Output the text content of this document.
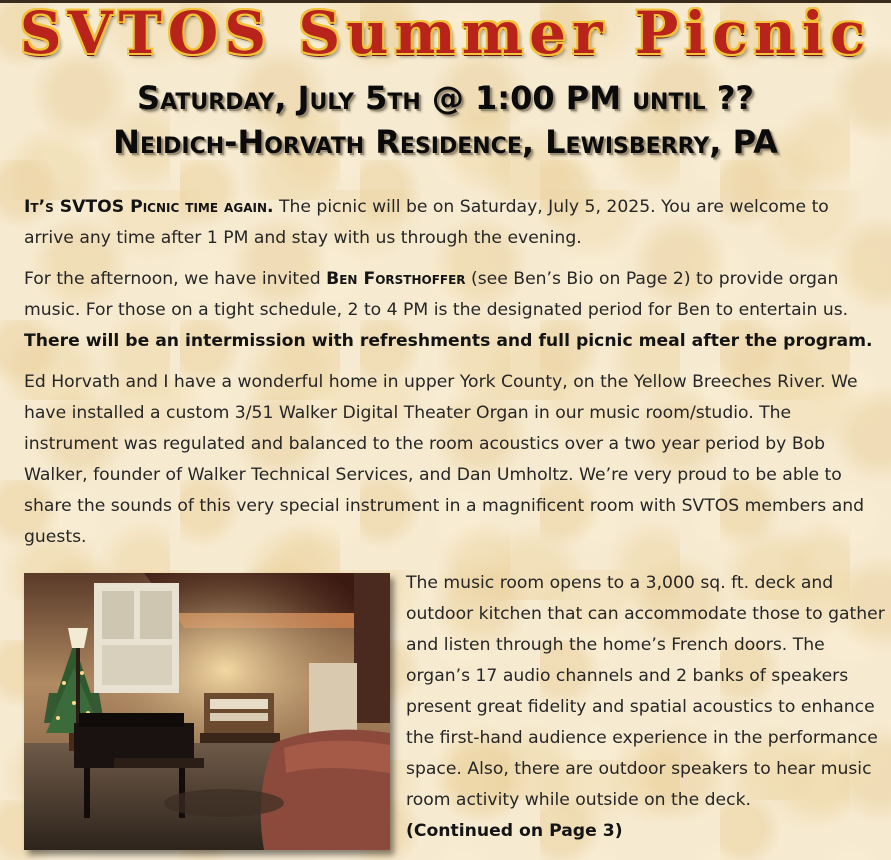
SVTOS Summer Picnic
Saturday, July 5th @ 1:00 PM until ??
Neidich-Horvath Residence, Lewisberry, PA

It’s SVTOS Picnic time again. The picnic will be on Saturday, July 5, 2025. You are welcome to arrive any time after 1 PM and stay with us through the evening.

For the afternoon, we have invited Ben Forsthoffer (see Ben’s Bio on Page 2) to provide organ music. For those on a tight schedule, 2 to 4 PM is the designated period for Ben to entertain us. There will be an intermission with refreshments and full picnic meal after the program.

Ed Horvath and I have a wonderful home in upper York County, on the Yellow Breeches River. We have installed a custom 3/51 Walker Digital Theater Organ in our music room/studio. The instrument was regulated and balanced to the room acoustics over a two year period by Bob Walker, founder of Walker Technical Services, and Dan Umholtz. We’re very proud to be able to share the sounds of this very special instrument in a magnificent room with SVTOS members and guests.

The music room opens to a 3,000 sq. ft. deck and outdoor kitchen that can accommodate those to gather and listen through the home’s French doors. The organ’s 17 audio channels and 2 banks of speakers present great fidelity and spatial acoustics to enhance the first-hand audience experience in the performance space. Also, there are outdoor speakers to hear music room activity while outside on the deck.
(Continued on Page 3)
